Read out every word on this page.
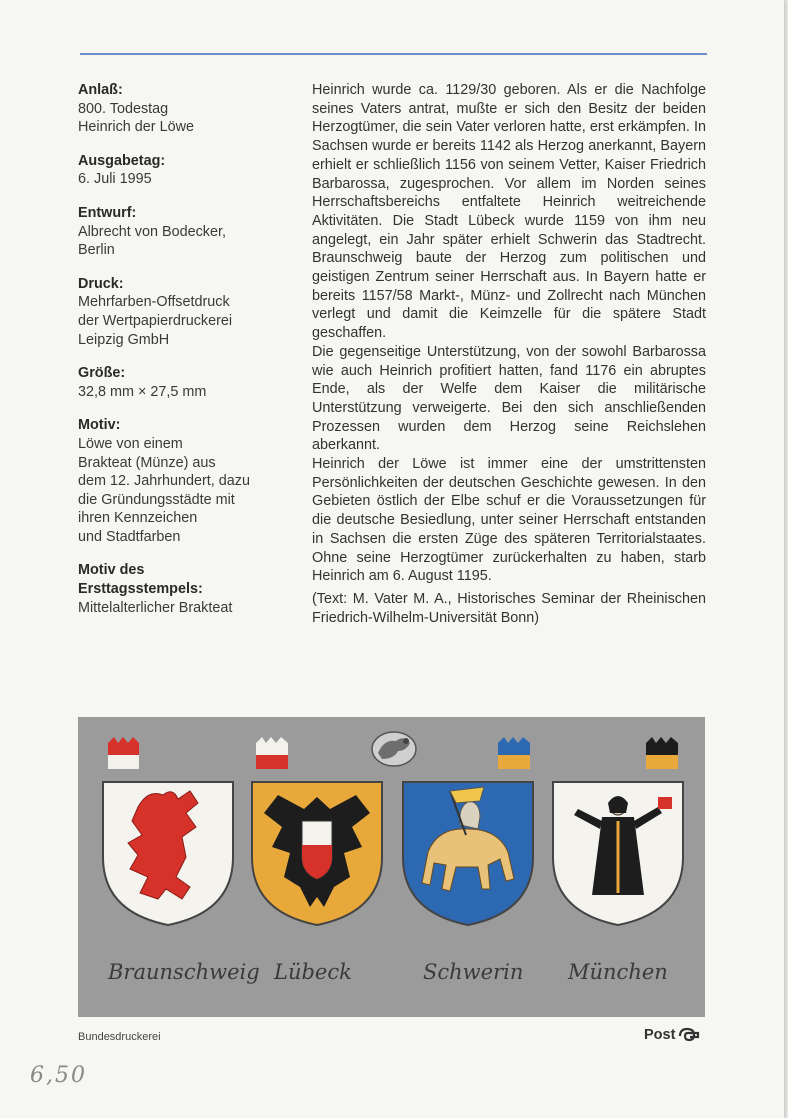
Anlaß:
800. Todestag
Heinrich der Löwe
Ausgabetag:
6. Juli 1995
Entwurf:
Albrecht von Bodecker,
Berlin
Druck:
Mehrfarben-Offsetdruck
der Wertpapierdruckerei
Leipzig GmbH
Größe:
32,8 mm × 27,5 mm
Motiv:
Löwe von einem
Brakteat (Münze) aus
dem 12. Jahrhundert, dazu
die Gründungsstädte mit
ihren Kennzeichen
und Stadtfarben
Motiv des
Ersttagsstempels:
Mittelalterlicher Brakteat

Heinrich wurde ca. 1129/30 geboren. Als er die Nachfolge seines Vaters antrat, mußte er sich den Besitz der beiden Herzogtümer, die sein Vater verloren hatte, erst erkämpfen. In Sachsen wurde er bereits 1142 als Herzog anerkannt, Bayern erhielt er schließlich 1156 von seinem Vetter, Kaiser Friedrich Barbarossa, zugesprochen. Vor allem im Norden seines Herrschaftsbereichs entfaltete Heinrich weitreichende Aktivitäten. Die Stadt Lübeck wurde 1159 von ihm neu angelegt, ein Jahr später erhielt Schwerin das Stadtrecht. Braunschweig baute der Herzog zum politischen und geistigen Zentrum seiner Herrschaft aus. In Bayern hatte er bereits 1157/58 Markt-, Münz- und Zollrecht nach München verlegt und damit die Keimzelle für die spätere Stadt geschaffen.

Die gegenseitige Unterstützung, von der sowohl Barbarossa wie auch Heinrich profitiert hatten, fand 1176 ein abruptes Ende, als der Welfe dem Kaiser die militärische Unterstützung verweigerte. Bei den sich anschließenden Prozessen wurden dem Herzog seine Reichslehen aberkannt.

Heinrich der Löwe ist immer eine der umstrittensten Persönlichkeiten der deutschen Geschichte gewesen. In den Gebieten östlich der Elbe schuf er die Voraussetzungen für die deutsche Besiedlung, unter seiner Herrschaft entstanden in Sachsen die ersten Züge des späteren Territorialstaates. Ohne seine Herzogtümer zurückerhalten zu haben, starb Heinrich am 6. August 1195.

(Text: M. Vater M. A., Historisches Seminar der Rheinischen Friedrich-Wilhelm-Universität Bonn)

Braunschweig Lübeck	Schwerin München
Bundesdruckerei	Post
6,50
